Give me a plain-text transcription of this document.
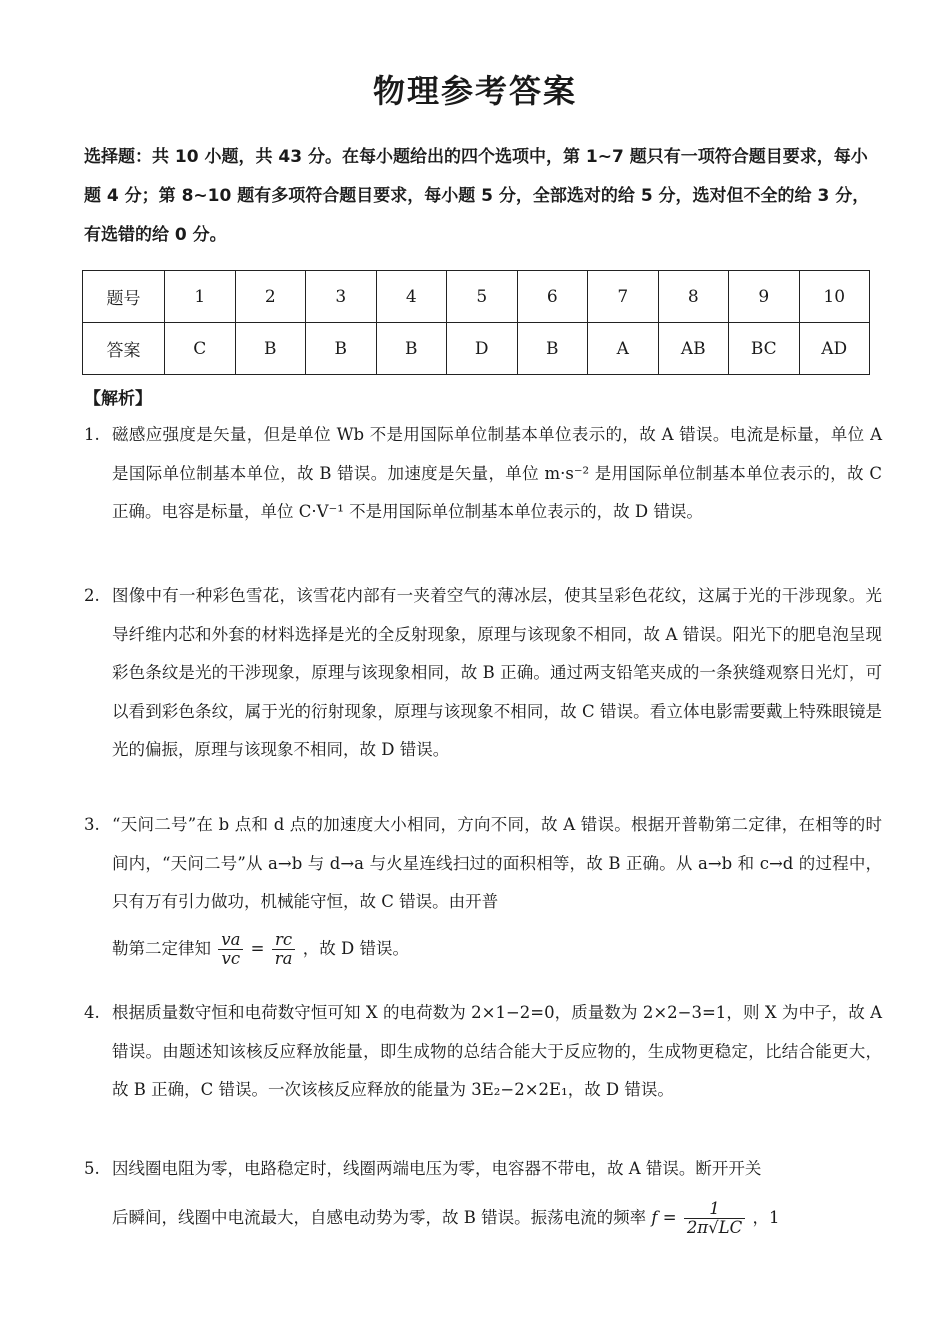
物理参考答案
选择题：共 10 小题，共 43 分。在每小题给出的四个选项中，第 1~7 题只有一项符合题目要求，每小题 4 分；第 8~10 题有多项符合题目要求，每小题 5 分，全部选对的给 5 分，选对但不全的给 3 分，有选错的给 0 分。
题号	1	2	3	4	5	6	7	8	9	10
答案	C	B	B	B	D	B	A	AB	BC	AD
【解析】
1. 磁感应强度是矢量，但是单位 Wb 不是用国际单位制基本单位表示的，故 A 错误。电流是标量，单位 A 是国际单位制基本单位，故 B 错误。加速度是矢量，单位 m·s⁻² 是用国际单位制基本单位表示的，故 C 正确。电容是标量，单位 C·V⁻¹ 不是用国际单位制基本单位表示的，故 D 错误。
2. 图像中有一种彩色雪花，该雪花内部有一夹着空气的薄冰层，使其呈彩色花纹，这属于光的干涉现象。光导纤维内芯和外套的材料选择是光的全反射现象，原理与该现象不相同，故 A 错误。阳光下的肥皂泡呈现彩色条纹是光的干涉现象，原理与该现象相同，故 B 正确。通过两支铅笔夹成的一条狭缝观察日光灯，可以看到彩色条纹，属于光的衍射现象，原理与该现象不相同，故 C 错误。看立体电影需要戴上特殊眼镜是光的偏振，原理与该现象不相同，故 D 错误。
3. “天问二号”在 b 点和 d 点的加速度大小相同，方向不同，故 A 错误。根据开普勒第二定律，在相等的时间内，“天问二号”从 a→b 与 d→a 与火星连线扫过的面积相等，故 B 正确。从 a→b 和 c→d 的过程中，只有万有引力做功，机械能守恒，故 C 错误。由开普
勒第二定律知 $\frac{va}{vc} = \frac{rc}{ra}$ ，故 D 错误。
4. 根据质量数守恒和电荷数守恒可知 X 的电荷数为 2×1−2=0，质量数为 2×2−3=1，则 X 为中子，故 A 错误。由题述知该核反应释放能量，即生成物的总结合能大于反应物的，生成物更稳定，比结合能更大，故 B 正确，C 错误。一次该核反应释放的能量为 3E₂−2×2E₁，故 D 错误。
5. 因线圈电阻为零，电路稳定时，线圈两端电压为零，电容器不带电，故 A 错误。断开开关
后瞬间，线圈中电流最大，自感电动势为零，故 B 错误。振荡电流的频率 $f = \frac{1}{2\pi√LC}$ ，1
